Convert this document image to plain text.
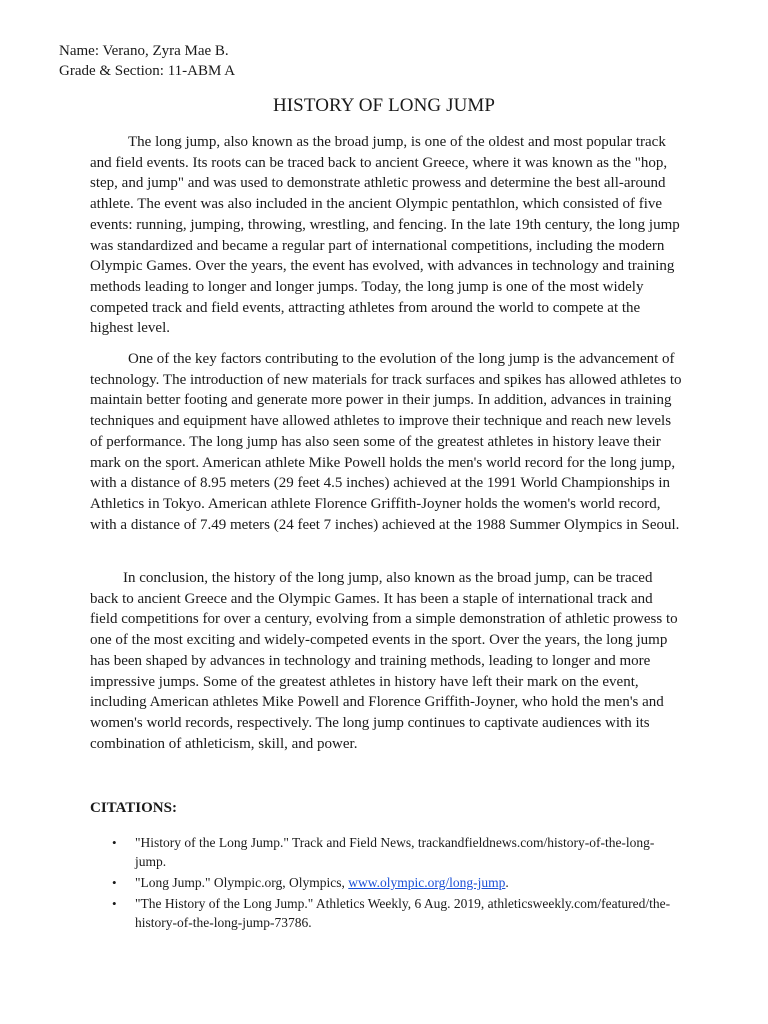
Name: Verano, Zyra Mae B.
Grade & Section: 11-ABM A
HISTORY OF LONG JUMP

The long jump, also known as the broad jump, is one of the oldest and most popular track and field events. Its roots can be traced back to ancient Greece, where it was known as the "hop, step, and jump" and was used to demonstrate athletic prowess and determine the best all-around athlete. The event was also included in the ancient Olympic pentathlon, which consisted of five events: running, jumping, throwing, wrestling, and fencing. In the late 19th century, the long jump was standardized and became a regular part of international competitions, including the modern Olympic Games. Over the years, the event has evolved, with advances in technology and training methods leading to longer and longer jumps. Today, the long jump is one of the most widely competed track and field events, attracting athletes from around the world to compete at the highest level.

One of the key factors contributing to the evolution of the long jump is the advancement of technology. The introduction of new materials for track surfaces and spikes has allowed athletes to maintain better footing and generate more power in their jumps. In addition, advances in training techniques and equipment have allowed athletes to improve their technique and reach new levels of performance. The long jump has also seen some of the greatest athletes in history leave their mark on the sport. American athlete Mike Powell holds the men's world record for the long jump, with a distance of 8.95 meters (29 feet 4.5 inches) achieved at the 1991 World Championships in Athletics in Tokyo. American athlete Florence Griffith-Joyner holds the women's world record, with a distance of 7.49 meters (24 feet 7 inches) achieved at the 1988 Summer Olympics in Seoul.

In conclusion, the history of the long jump, also known as the broad jump, can be traced back to ancient Greece and the Olympic Games. It has been a staple of international track and field competitions for over a century, evolving from a simple demonstration of athletic prowess to one of the most exciting and widely-competed events in the sport. Over the years, the long jump has been shaped by advances in technology and training methods, leading to longer and more impressive jumps. Some of the greatest athletes in history have left their mark on the event, including American athletes Mike Powell and Florence Griffith-Joyner, who hold the men's and women's world records, respectively. The long jump continues to captivate audiences with its combination of athleticism, skill, and power.

CITATIONS:
• "History of the Long Jump." Track and Field News, trackandfieldnews.com/history-of-the-long-jump.
• "Long Jump." Olympic.org, Olympics, www.olympic.org/long-jump.
• "The History of the Long Jump." Athletics Weekly, 6 Aug. 2019, athleticsweekly.com/featured/the-history-of-the-long-jump-73786.
